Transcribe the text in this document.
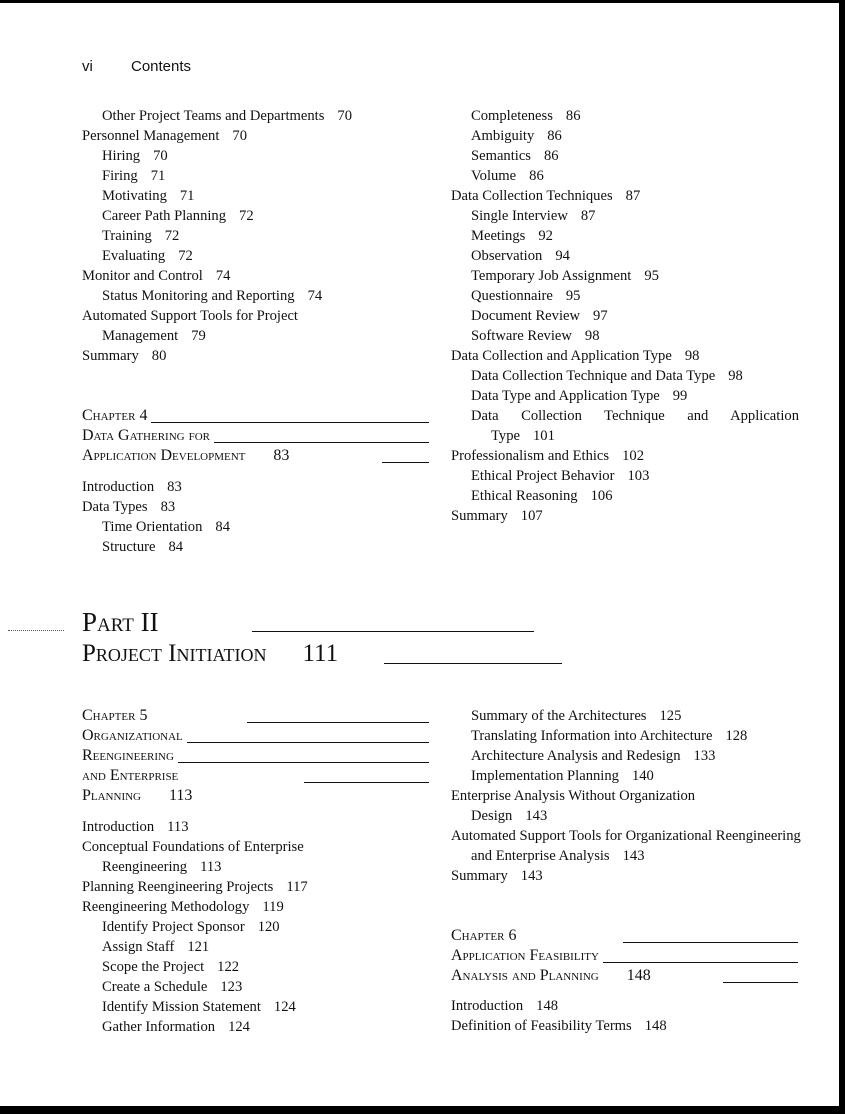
vi	Contents
Other Project Teams and Departments 70
Personnel Management 70
Hiring 70
Firing 71
Motivating 71
Career Path Planning 72
Training 72
Evaluating 72
Monitor and Control 74
Status Monitoring and Reporting 74
Automated Support Tools for Project Management 79
Summary 80
Chapter 4
Data Gathering for
Application Development 83
Introduction 83
Data Types 83
Time Orientation 84
Structure 84
Completeness 86
Ambiguity 86
Semantics 86
Volume 86
Data Collection Techniques 87
Single Interview 87
Meetings 92
Observation 94
Temporary Job Assignment 95
Questionnaire 95
Document Review 97
Software Review 98
Data Collection and Application Type 98
Data Collection Technique and Data Type 98
Data Type and Application Type 99
Data Collection Technique and Application Type 101
Professionalism and Ethics 102
Ethical Project Behavior 103
Ethical Reasoning 106
Summary 107
Part II
Project Initiation 111
Chapter 5
Organizational
Reengineering
and Enterprise
Planning 113
Introduction 113
Conceptual Foundations of Enterprise Reengineering 113
Planning Reengineering Projects 117
Reengineering Methodology 119
Identify Project Sponsor 120
Assign Staff 121
Scope the Project 122
Create a Schedule 123
Identify Mission Statement 124
Gather Information 124
Summary of the Architectures 125
Translating Information into Architecture 128
Architecture Analysis and Redesign 133
Implementation Planning 140
Enterprise Analysis Without Organization Design 143
Automated Support Tools for Organizational Reengineering and Enterprise Analysis 143
Summary 143
Chapter 6
Application Feasibility
Analysis and Planning 148
Introduction 148
Definition of Feasibility Terms 148
